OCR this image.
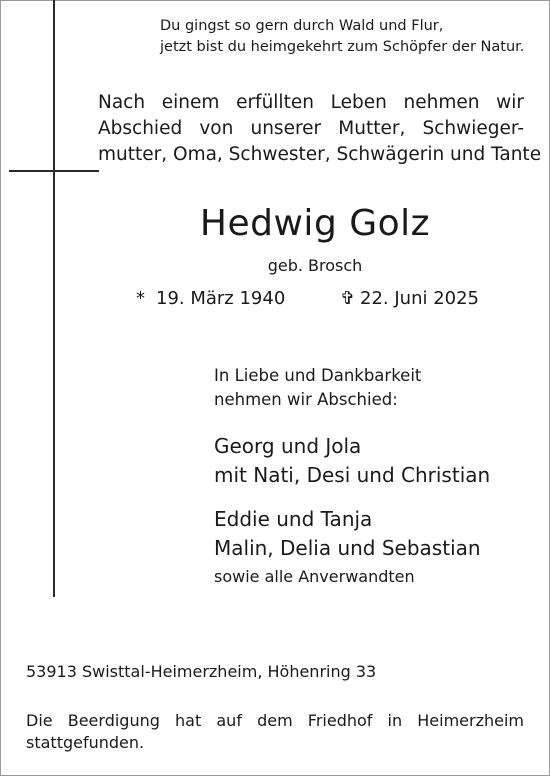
Du gingst so gern durch Wald und Flur,
jetzt bist du heimgekehrt zum Schöpfer der Natur.
Nach einem erfüllten Leben nehmen wir
Abschied von unserer Mutter, Schwieger-
mutter, Oma, Schwester, Schwägerin und Tante
Hedwig Golz
geb. Brosch
* 19. März 1940	✞ 22. Juni 2025
In Liebe und Dankbarkeit
nehmen wir Abschied:
Georg und Jola
mit Nati, Desi und Christian
Eddie und Tanja
Malin, Delia und Sebastian
sowie alle Anverwandten
53913 Swisttal-Heimerzheim, Höhenring 33
Die Beerdigung hat auf dem Friedhof in Heimerzheim
stattgefunden.
